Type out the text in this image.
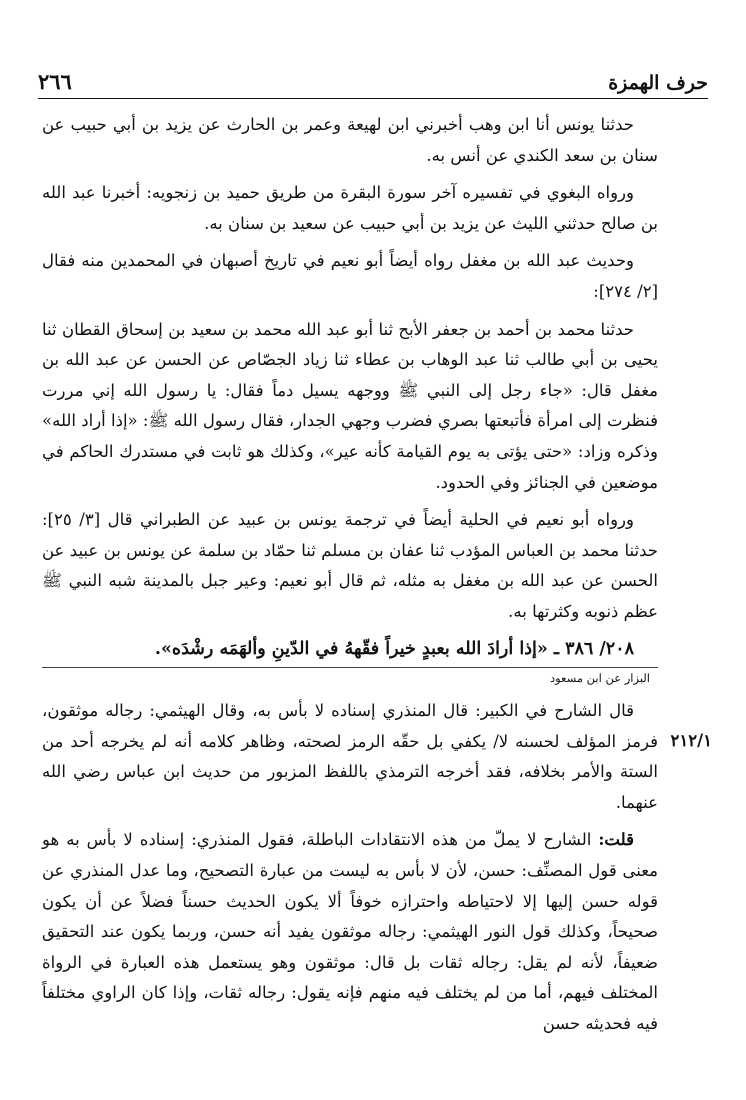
حرف الهمزة
٢٦٦

حدثنا يونس أنا ابن وهب أخبرني ابن لهيعة وعمر بن الحارث عن يزيد بن أبي حبيب عن سنان بن سعد الكندي عن أنس به.

ورواه البغوي في تفسيره آخر سورة البقرة من طريق حميد بن زنجويه: أخبرنا عبد الله بن صالح حدثني الليث عن يزيد بن أبي حبيب عن سعيد بن سنان به.

وحديث عبد الله بن مغفل رواه أيضاً أبو نعيم في تاريخ أصبهان في المحمدين منه فقال [٢/ ٢٧٤]:

حدثنا محمد بن أحمد بن جعفر الأبح ثنا أبو عبد الله محمد بن سعيد بن إسحاق القطان ثنا يحيى بن أبي طالب ثنا عبد الوهاب بن عطاء ثنا زياد الجصّاص عن الحسن عن عبد الله بن مغفل قال: «جاء رجل إلى النبي ﷺ ووجهه يسيل دماً فقال: يا رسول الله إني مررت فنظرت إلى امرأة فأتبعتها بصري فضرب وجهي الجدار، فقال رسول الله ﷺ: «إذا أراد الله» وذكره وزاد: «حتى يؤتى به يوم القيامة كأنه عير»، وكذلك هو ثابت في مستدرك الحاكم في موضعين في الجنائز وفي الحدود.

ورواه أبو نعيم في الحلية أيضاً في ترجمة يونس بن عبيد عن الطبراني قال [٣/ ٢٥]: حدثنا محمد بن العباس المؤدب ثنا عفان بن مسلم ثنا حمّاد بن سلمة عن يونس بن عبيد عن الحسن عن عبد الله بن مغفل به مثله، ثم قال أبو نعيم: وعير جبل بالمدينة شبه النبي ﷺ عظم ذنوبه وكثرتها به.

٢٠٨/ ٣٨٦ ـ «إذا أرادَ الله بعبدٍ خيراً فقّههُ في الدّينِ وألهَمَه رشْدَه».

البزار عن ابن مسعود
٢١٢/١

قال الشارح في الكبير: قال المنذري إسناده لا بأس به، وقال الهيثمي: رجاله موثقون، فرمز المؤلف لحسنه لا/ يكفي بل حقّه الرمز لصحته، وظاهر كلامه أنه لم يخرجه أحد من الستة والأمر بخلافه، فقد أخرجه الترمذي باللفظ المزبور من حديث ابن عباس رضي الله عنهما.

قلت: الشارح لا يملّ من هذه الانتقادات الباطلة، فقول المنذري: إسناده لا بأس به هو معنى قول المصنِّف: حسن، لأن لا بأس به ليست من عبارة التصحيح، وما عدل المنذري عن قوله حسن إليها إلا لاحتياطه واحترازه خوفاً ألا يكون الحديث حسناً فضلاً عن أن يكون صحيحاً، وكذلك قول النور الهيثمي: رجاله موثقون يفيد أنه حسن، وربما يكون عند التحقيق ضعيفاً، لأنه لم يقل: رجاله ثقات بل قال: موثقون وهو يستعمل هذه العبارة في الرواة المختلف فيهم، أما من لم يختلف فيه منهم فإنه يقول: رجاله ثقات، وإذا كان الراوي مختلفاً فيه فحديثه حسن
